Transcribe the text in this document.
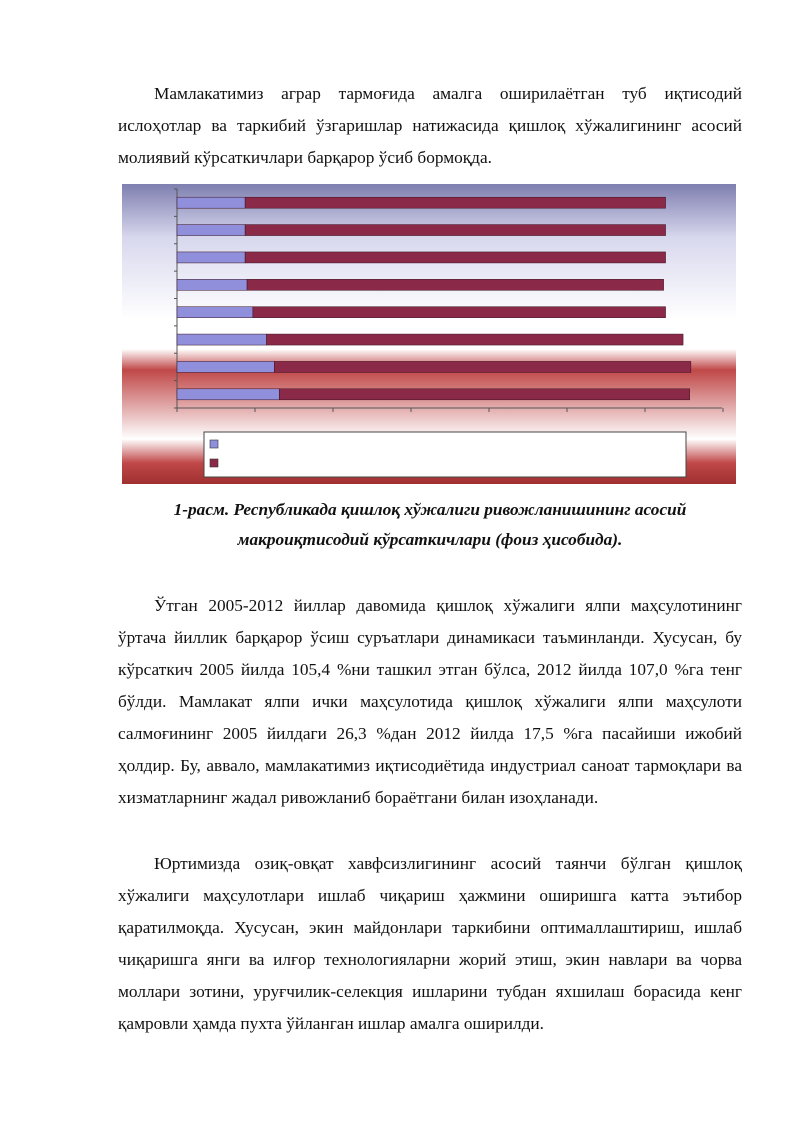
Мамлакатимиз аграр тармоғида амалга оширилаётган туб иқтисодий ислоҳотлар ва таркибий ўзгаришлар натижасида қишлоқ хўжалигининг асосий молиявий кўрсаткичлари барқарор ўсиб бормоқда.

1-расм. Республикада қишлоқ хўжалиги ривожланишининг асосий
макроиқтисодий кўрсаткичлари (фоиз ҳисобида).

Ўтган 2005-2012 йиллар давомида қишлоқ хўжалиги ялпи маҳсулотининг ўртача йиллик барқарор ўсиш суръатлари динамикаси таъминланди. Хусусан, бу кўрсаткич 2005 йилда 105,4 %ни ташкил этган бўлса, 2012 йилда 107,0 %га тенг бўлди. Мамлакат ялпи ички маҳсулотида қишлоқ хўжалиги ялпи маҳсулоти салмоғининг 2005 йилдаги 26,3 %дан 2012 йилда 17,5 %га пасайиши ижобий ҳолдир. Бу, аввало, мамлакатимиз иқтисодиётида индустриал саноат тармоқлари ва хизматларнинг жадал ривожланиб бораётгани билан изоҳланади.

Юртимизда озиқ-овқат хавфсизлигининг асосий таянчи бўлган қишлоқ хўжалиги маҳсулотлари ишлаб чиқариш ҳажмини оширишга катта эътибор қаратилмоқда. Хусусан, экин майдонлари таркибини оптималлаштириш, ишлаб чиқаришга янги ва илғор технологияларни жорий этиш, экин навлари ва чорва моллари зотини, уруғчилик-селекция ишларини тубдан яхшилаш борасида кенг қамровли ҳамда пухта ўйланган ишлар амалга оширилди.
